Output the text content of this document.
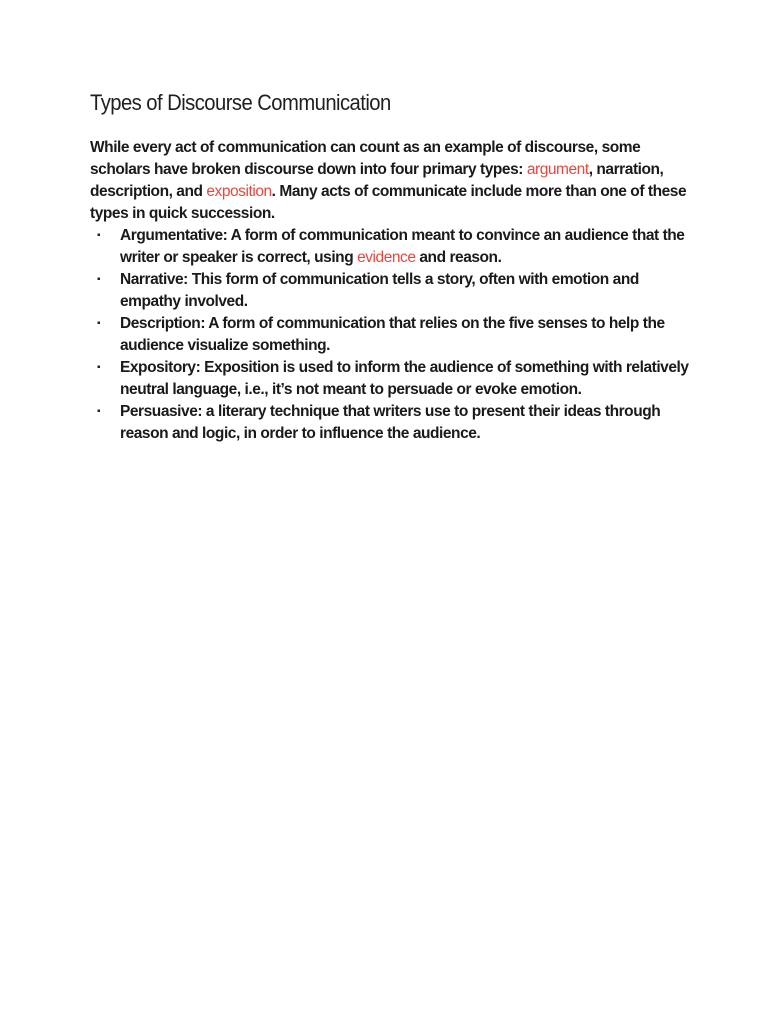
Types of Discourse Communication

While every act of communication can count as an example of discourse, some scholars have broken discourse down into four primary types: argument, narration, description, and exposition. Many acts of communicate include more than one of these types in quick succession.

▪ Argumentative: A form of communication meant to convince an audience that the writer or speaker is correct, using evidence and reason.
▪ Narrative: This form of communication tells a story, often with emotion and empathy involved.
▪ Description: A form of communication that relies on the five senses to help the audience visualize something.
▪ Expository: Exposition is used to inform the audience of something with relatively neutral language, i.e., it’s not meant to persuade or evoke emotion.
▪ Persuasive: a literary technique that writers use to present their ideas through reason and logic, in order to influence the audience.
